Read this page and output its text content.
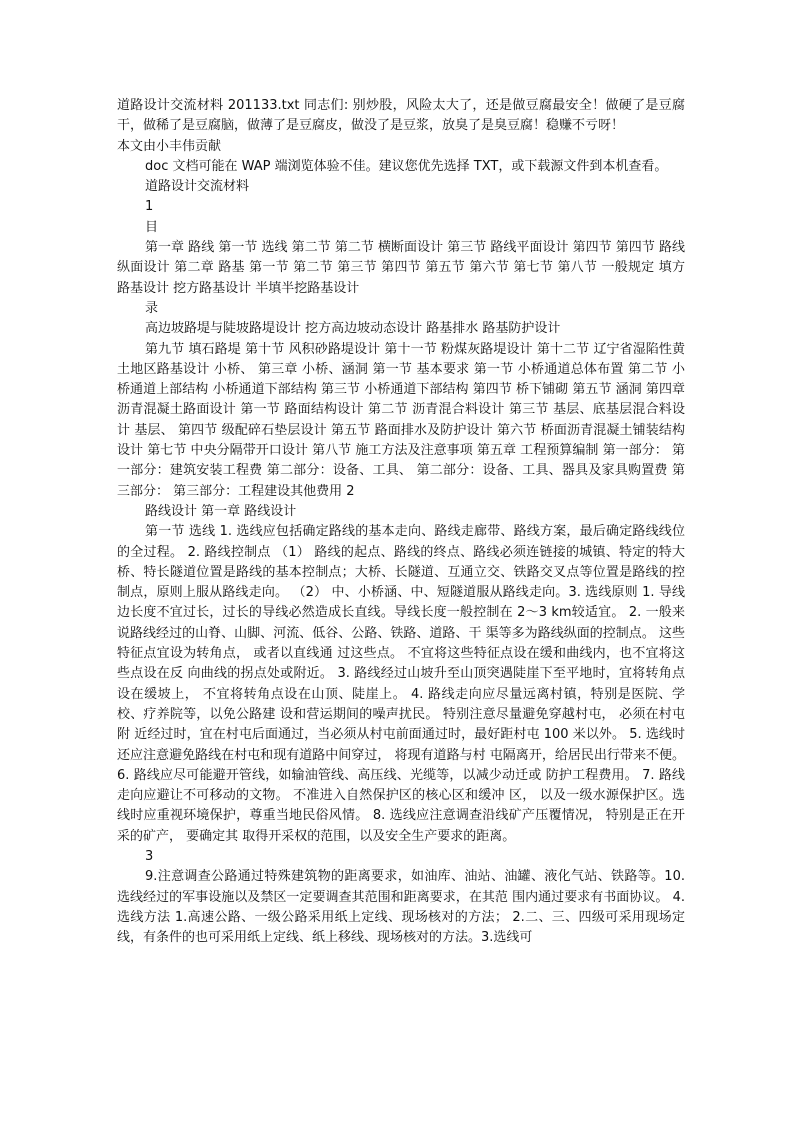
道路设计交流材料 201133.txt 同志们: 别炒股，风险太大了，还是做豆腐最安全！做硬了是豆腐干，做稀了是豆腐脑，做薄了是豆腐皮，做没了是豆浆，放臭了是臭豆腐！稳赚不亏呀！

本文由小丰伟贡献

doc 文档可能在 WAP 端浏览体验不佳。建议您优先选择 TXT，或下载源文件到本机查看。

道路设计交流材料

1

目

第一章 路线 第一节 选线 第二节 第二节 横断面设计 第三节 路线平面设计 第四节 第四节 路线纵面设计 第二章 路基 第一节 第二节 第三节 第四节 第五节 第六节 第七节 第八节 一般规定 填方路基设计 挖方路基设计 半填半挖路基设计

录

高边坡路堤与陡坡路堤设计 挖方高边坡动态设计 路基排水 路基防护设计

第九节 填石路堤 第十节 风积砂路堤设计 第十一节 粉煤灰路堤设计 第十二节 辽宁省湿陷性黄土地区路基设计 小桥、 第三章 小桥、涵洞 第一节 基本要求 第一节 小桥通道总体布置 第二节 小桥通道上部结构 小桥通道下部结构 第三节 小桥通道下部结构 第四节 桥下铺砌 第五节 涵洞 第四章 沥青混凝土路面设计 第一节 路面结构设计 第二节 沥青混合料设计 第三节 基层、底基层混合料设计 基层、 第四节 级配碎石垫层设计 第五节 路面排水及防护设计 第六节 桥面沥青混凝土铺装结构设计 第七节 中央分隔带开口设计 第八节 施工方法及注意事项 第五章 工程预算编制 第一部分： 第一部分：建筑安装工程费 第二部分：设备、工具、 第二部分：设备、工具、器具及家具购置费 第三部分： 第三部分：工程建设其他费用 2

路线设计 第一章 路线设计

第一节 选线 1. 选线应包括确定路线的基本走向、路线走廊带、路线方案，最后确定路线线位的全过程。 2. 路线控制点 （1） 路线的起点、路线的终点、路线必须连链接的城镇、特定的特大桥、特长隧道位置是路线的基本控制点；大桥、长隧道、互通立交、铁路交叉点等位置是路线的控制点，原则上服从路线走向。 （2） 中、小桥涵、中、短隧道服从路线走向。3. 选线原则 1. 导线边长度不宜过长，过长的导线必然造成长直线。导线长度一般控制在 2～3 km较适宜。 2. 一般来说路线经过的山脊、山脚、河流、低谷、公路、铁路、道路、干 渠等多为路线纵面的控制点。 这些特征点宜设为转角点， 或者以直线通 过这些点。 不宜将这些特征点设在缓和曲线内，也不宜将这些点设在反 向曲线的拐点处或附近。 3. 路线经过山坡升至山顶突遇陡崖下至平地时，宜将转角点设在缓坡上， 不宜将转角点设在山顶、陡崖上。 4. 路线走向应尽量远离村镇，特别是医院、学校、疗养院等，以免公路建 设和营运期间的噪声扰民。 特别注意尽量避免穿越村屯， 必须在村屯附 近经过时，宜在村屯后面通过，当必须从村屯前面通过时，最好距村屯 100 米以外。 5. 选线时还应注意避免路线在村屯和现有道路中间穿过， 将现有道路与村 屯隔离开，给居民出行带来不便。6. 路线应尽可能避开管线，如输油管线、高压线、光缆等，以减少动迁或 防护工程费用。 7. 路线走向应避让不可移动的文物。 不准进入自然保护区的核心区和缓冲 区， 以及一级水源保护区。选线时应重视环境保护，尊重当地民俗风情。 8. 选线应注意调查沿线矿产压覆情况， 特别是正在开采的矿产， 要确定其 取得开采权的范围，以及安全生产要求的距离。

3

9.注意调查公路通过特殊建筑物的距离要求，如油库、油站、油罐、液化气站、铁路等。10.选线经过的军事设施以及禁区一定要调查其范围和距离要求，在其范 围内通过要求有书面协议。 4. 选线方法 1.高速公路、一级公路采用纸上定线、现场核对的方法； 2.二、三、四级可采用现场定线，有条件的也可采用纸上定线、纸上移线、现场核对的方法。3.选线可
